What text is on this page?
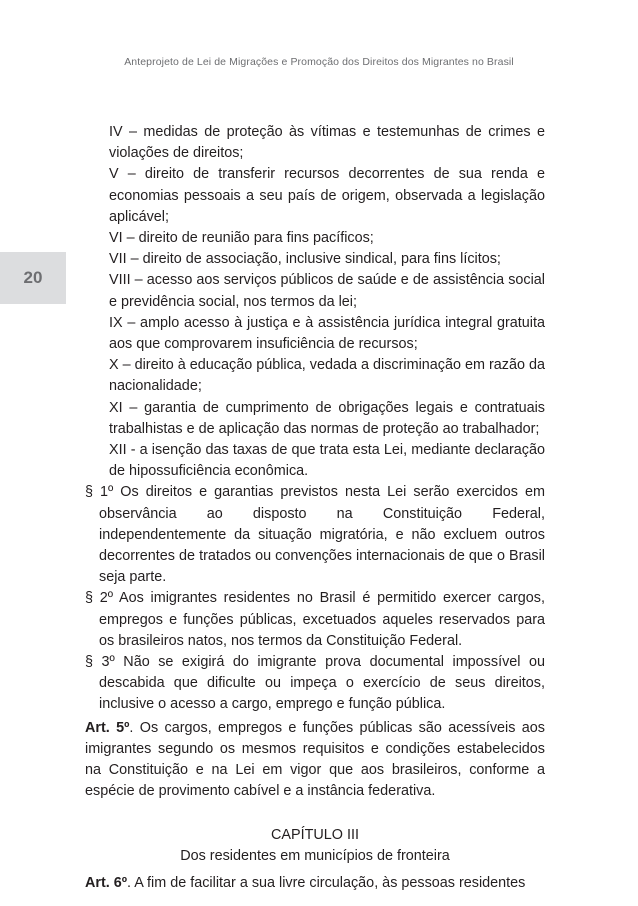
Anteprojeto de Lei de Migrações e Promoção dos Direitos dos Migrantes no Brasil
20

IV – medidas de proteção às vítimas e testemunhas de crimes e violações de direitos;

V – direito de transferir recursos decorrentes de sua renda e economias pessoais a seu país de origem, observada a legislação aplicável;

VI – direito de reunião para fins pacíficos;

VII – direito de associação, inclusive sindical, para fins lícitos;

VIII – acesso aos serviços públicos de saúde e de assistência social e previdência social, nos termos da lei;

IX – amplo acesso à justiça e à assistência jurídica integral gratuita aos que comprovarem insuficiência de recursos;

X – direito à educação pública, vedada a discriminação em razão da nacionalidade;

XI – garantia de cumprimento de obrigações legais e contratuais trabalhistas e de aplicação das normas de proteção ao trabalhador;

XII - a isenção das taxas de que trata esta Lei, mediante declaração de hipossuficiência econômica.

§ 1º Os direitos e garantias previstos nesta Lei serão exercidos em observância ao disposto na Constituição Federal, independentemente da situação migratória, e não excluem outros decorrentes de tratados ou convenções internacionais de que o Brasil seja parte.

§ 2º Aos imigrantes residentes no Brasil é permitido exercer cargos, empregos e funções públicas, excetuados aqueles reservados para os brasileiros natos, nos termos da Constituição Federal.

§ 3º Não se exigirá do imigrante prova documental impossível ou descabida que dificulte ou impeça o exercício de seus direitos, inclusive o acesso a cargo, emprego e função pública.

Art. 5º. Os cargos, empregos e funções públicas são acessíveis aos imigrantes segundo os mesmos requisitos e condições estabelecidos na Constituição e na Lei em vigor que aos brasileiros, conforme a espécie de provimento cabível e a instância federativa.

CAPÍTULO III

Dos residentes em municípios de fronteira

Art. 6º. A fim de facilitar a sua livre circulação, às pessoas residentes
